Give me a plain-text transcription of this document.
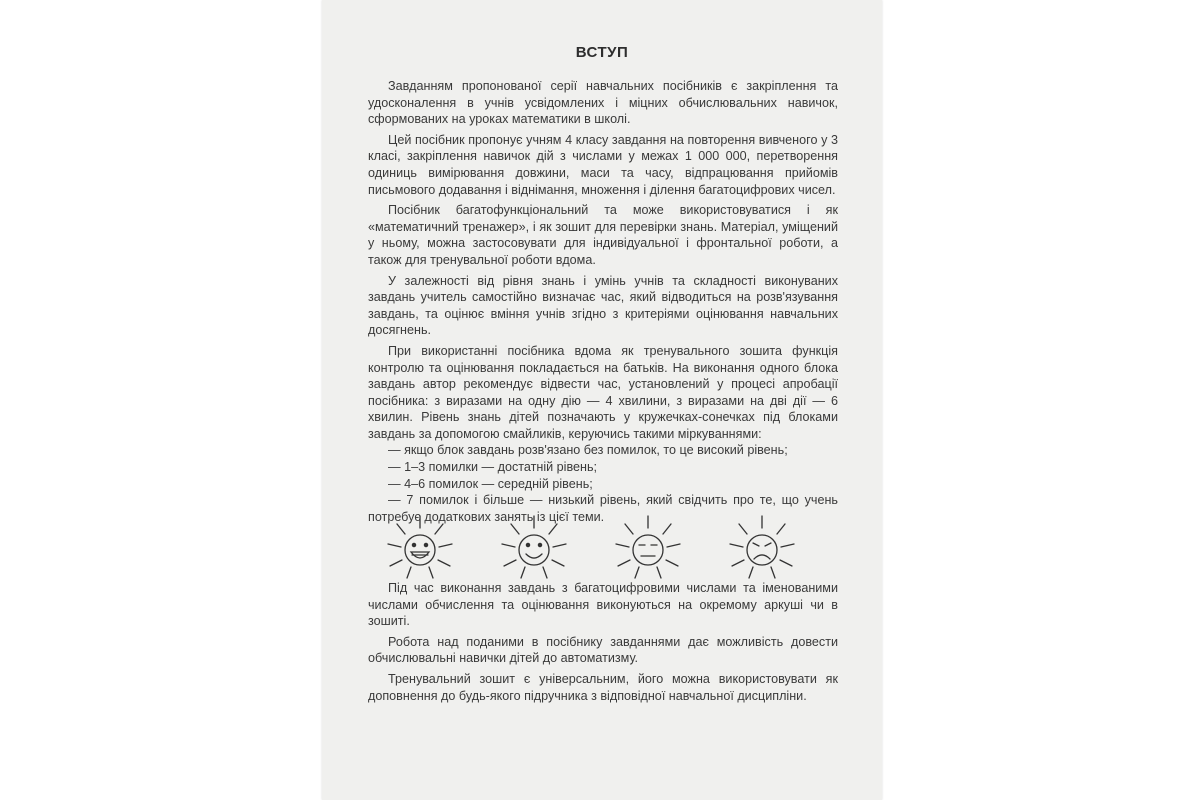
ВСТУП

Завданням пропонованої серії навчальних посібників є закріплення та удосконалення в учнів усвідомлених і міцних обчислювальних навичок, сформованих на уроках математики в школі.

Цей посібник пропонує учням 4 класу завдання на повторення вивченого у 3 класі, закріплення навичок дій з числами у межах 1 000 000, перетворення одиниць вимірювання довжини, маси та часу, відпрацювання прийомів письмового додавання і віднімання, множення і ділення багатоцифрових чисел.

Посібник багатофункціональний та може використовуватися і як «математичний тренажер», і як зошит для перевірки знань. Матеріал, уміщений у ньому, можна застосовувати для індивідуальної і фронтальної роботи, а також для тренувальної роботи вдома.

У залежності від рівня знань і умінь учнів та складності виконуваних завдань учитель самостійно визначає час, який відводиться на розв'язування завдань, та оцінює вміння учнів згідно з критеріями оцінювання навчальних досягнень.

При використанні посібника вдома як тренувального зошита функція контролю та оцінювання покладається на батьків. На виконання одного блока завдань автор рекомендує відвести час, установлений у процесі апробації посібника: з виразами на одну дію — 4 хвилини, з виразами на дві дії — 6 хвилин. Рівень знань дітей позначають у кружечках-сонечках під блоками завдань за допомогою смайликів, керуючись такими міркуваннями:

— якщо блок завдань розв'язано без помилок, то це високий рівень;

— 1–3 помилки — достатній рівень;

— 4–6 помилок — середній рівень;

— 7 помилок і більше — низький рівень, який свідчить про те, що учень потребує додаткових занять із цієї теми.

Під час виконання завдань з багатоцифровими числами та іменованими числами обчислення та оцінювання виконуються на окремому аркуші чи в зошиті.

Робота над поданими в посібнику завданнями дає можливість довести обчислювальні навички дітей до автоматизму.

Тренувальний зошит є універсальним, його можна використовувати як доповнення до будь-якого підручника з відповідної навчальної дисципліни.
